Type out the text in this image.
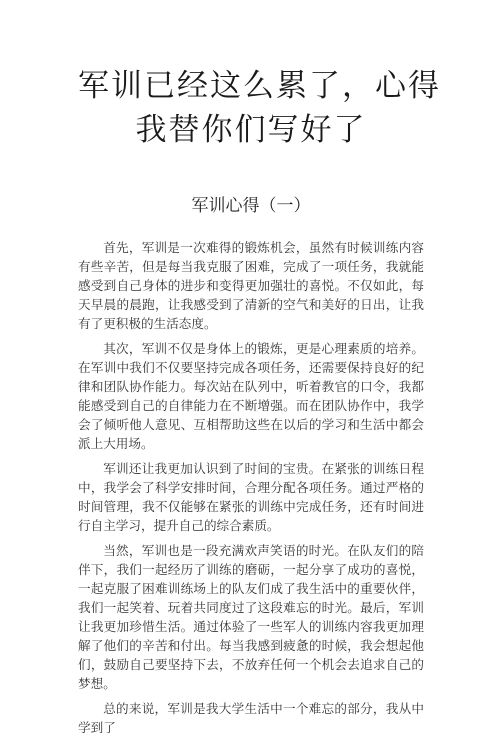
军训已经这么累了，心得
我替你们写好了
军训心得（一）

首先，军训是一次难得的锻炼机会，虽然有时候训练内容有些辛苦，但是每当我克服了困难，完成了一项任务，我就能感受到自己身体的进步和变得更加强壮的喜悦。不仅如此，每天早晨的晨跑，让我感受到了清新的空气和美好的日出，让我有了更积极的生活态度。

其次，军训不仅是身体上的锻炼，更是心理素质的培养。在军训中我们不仅要坚持完成各项任务，还需要保持良好的纪律和团队协作能力。每次站在队列中，听着教官的口令，我都能感受到自己的自律能力在不断增强。而在团队协作中，我学会了倾听他人意见、互相帮助这些在以后的学习和生活中都会派上大用场。

军训还让我更加认识到了时间的宝贵。在紧张的训练日程中，我学会了科学安排时间，合理分配各项任务。通过严格的时间管理，我不仅能够在紧张的训练中完成任务，还有时间进行自主学习，提升自己的综合素质。

当然，军训也是一段充满欢声笑语的时光。在队友们的陪伴下，我们一起经历了训练的磨砺，一起分享了成功的喜悦，一起克服了困难训练场上的队友们成了我生活中的重要伙伴，我们一起笑着、玩着共同度过了这段难忘的时光。最后，军训让我更加珍惜生活。通过体验了一些军人的训练内容我更加理解了他们的辛苦和付出。每当我感到疲惫的时候，我会想起他们，鼓励自己要坚持下去，不放弃任何一个机会去追求自己的梦想。

总的来说，军训是我大学生活中一个难忘的部分，我从中学到了
